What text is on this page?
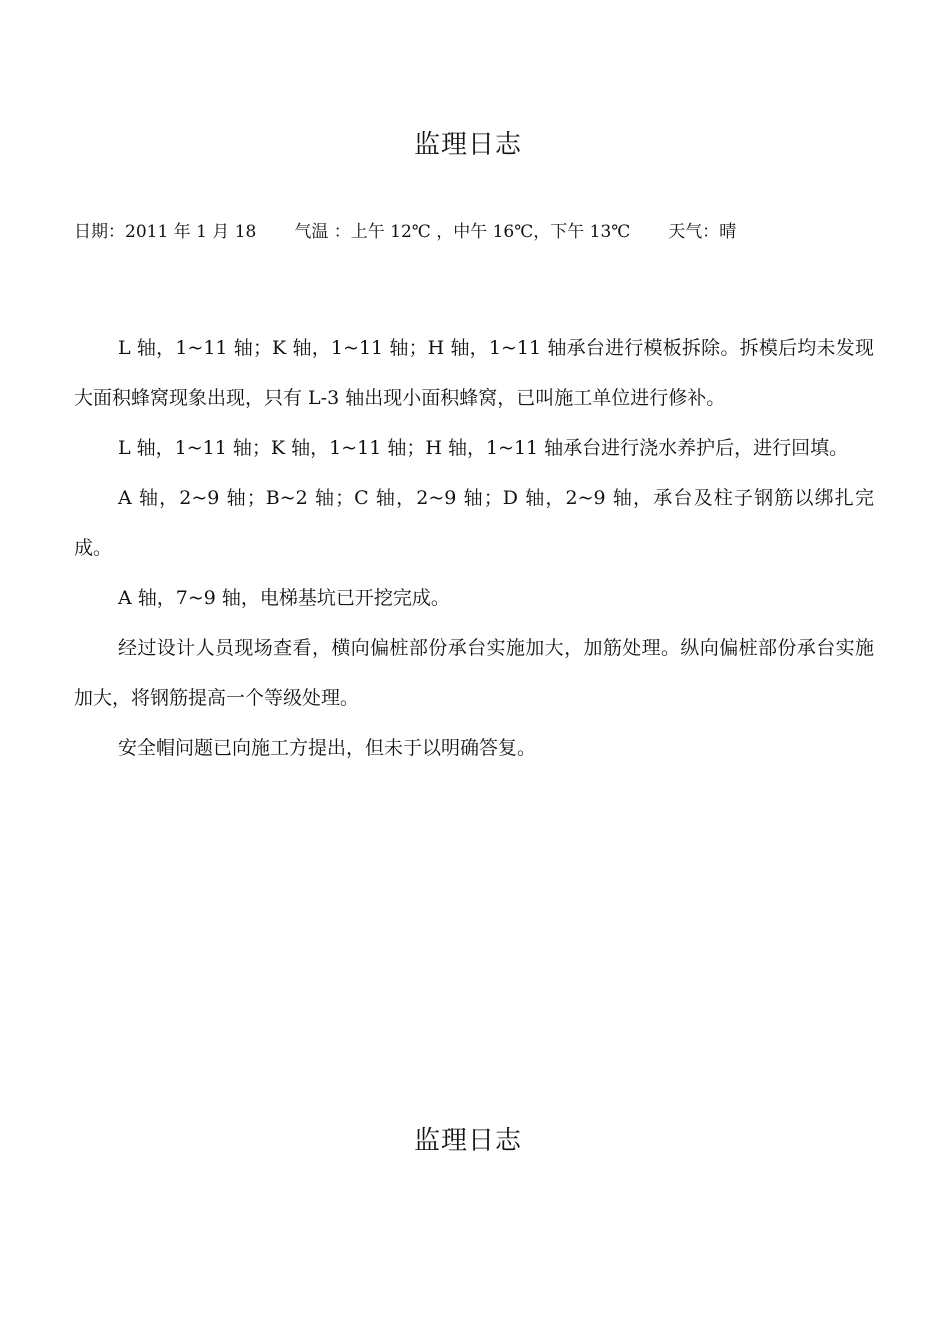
监理日志
日期：2011 年 1 月 18 气温 ：上午 12℃ ，中午 16℃，下午 13℃ 天气：晴

L 轴，1~11 轴；K 轴，1~11 轴；H 轴，1~11 轴承台进行模板拆除。拆模后均未发现大面积蜂窝现象出现，只有 L-3 轴出现小面积蜂窝，已叫施工单位进行修补。

L 轴，1~11 轴；K 轴，1~11 轴；H 轴，1~11 轴承台进行浇水养护后，进行回填。

A 轴，2~9 轴；B~2 轴；C 轴，2~9 轴；D 轴，2~9 轴，承台及柱子钢筋以绑扎完成。

A 轴，7~9 轴，电梯基坑已开挖完成。

经过设计人员现场查看，横向偏桩部份承台实施加大，加筋处理。纵向偏桩部份承台实施加大，将钢筋提高一个等级处理。

安全帽问题已向施工方提出，但未于以明确答复。

监理日志
